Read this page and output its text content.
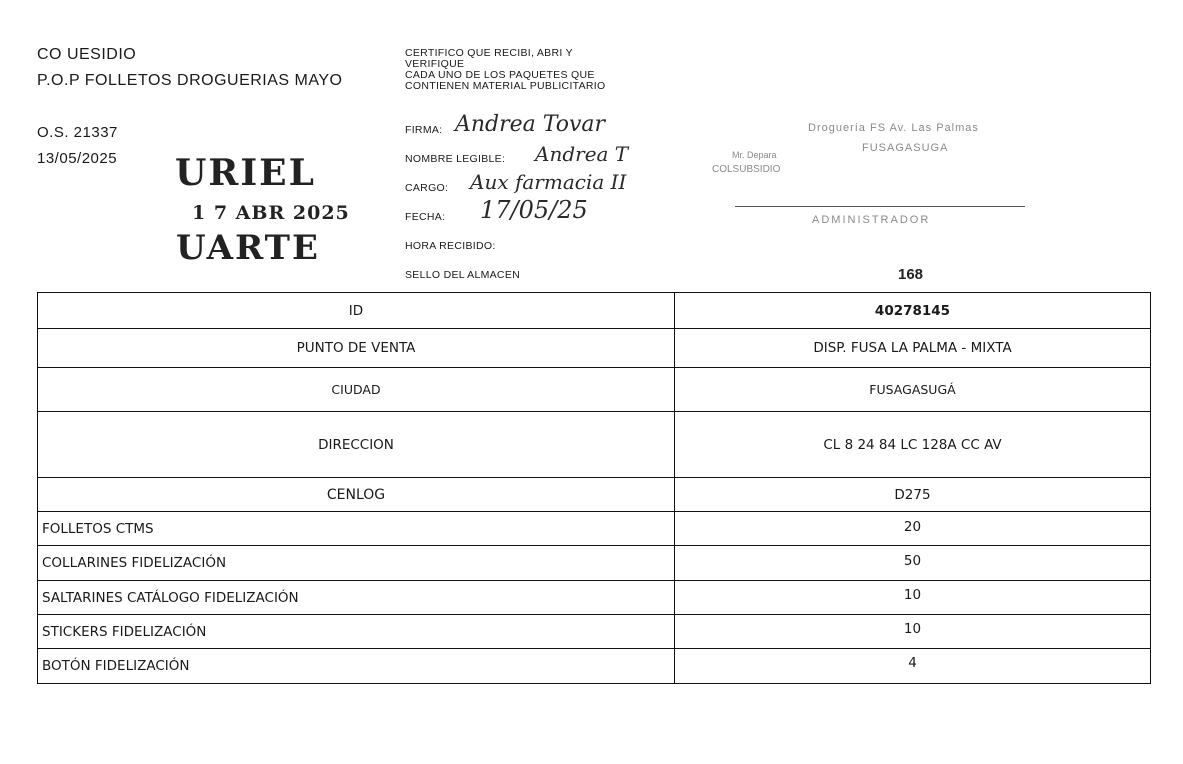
CO UESIDIO
P.O.P FOLLETOS DROGUERIAS MAYO
O.S. 21337
13/05/2025 URIEL
1 7 ABR 2025
UARTE
CERTIFICO QUE RECIBI, ABRI Y
VERIFIQUE
CADA UNO DE LOS PAQUETES QUE
CONTIENEN MATERIAL PUBLICITARIO
FIRMA: Andrea Tovar
NOMBRE LEGIBLE: Andrea T
CARGO: Aux farmacia II
FECHA: 17/05/25
HORA RECIBIDO:
SELLO DEL ALMACEN
Droguería FS Av. Las Palmas
FUSAGASUGA
Mr. Depara
COLSUBSIDIO
ADMINISTRADOR
168
ID	40278145
PUNTO DE VENTA	DISP. FUSA LA PALMA - MIXTA
CIUDAD	FUSAGASUGÁ
DIRECCION	CL 8 24 84 LC 128A CC AV
CENLOG	D275
FOLLETOS CTMS	20
COLLARINES FIDELIZACIÓN	50
SALTARINES CATÁLOGO FIDELIZACIÓN	10
STICKERS FIDELIZACIÓN	10
BOTÓN FIDELIZACIÓN	4
